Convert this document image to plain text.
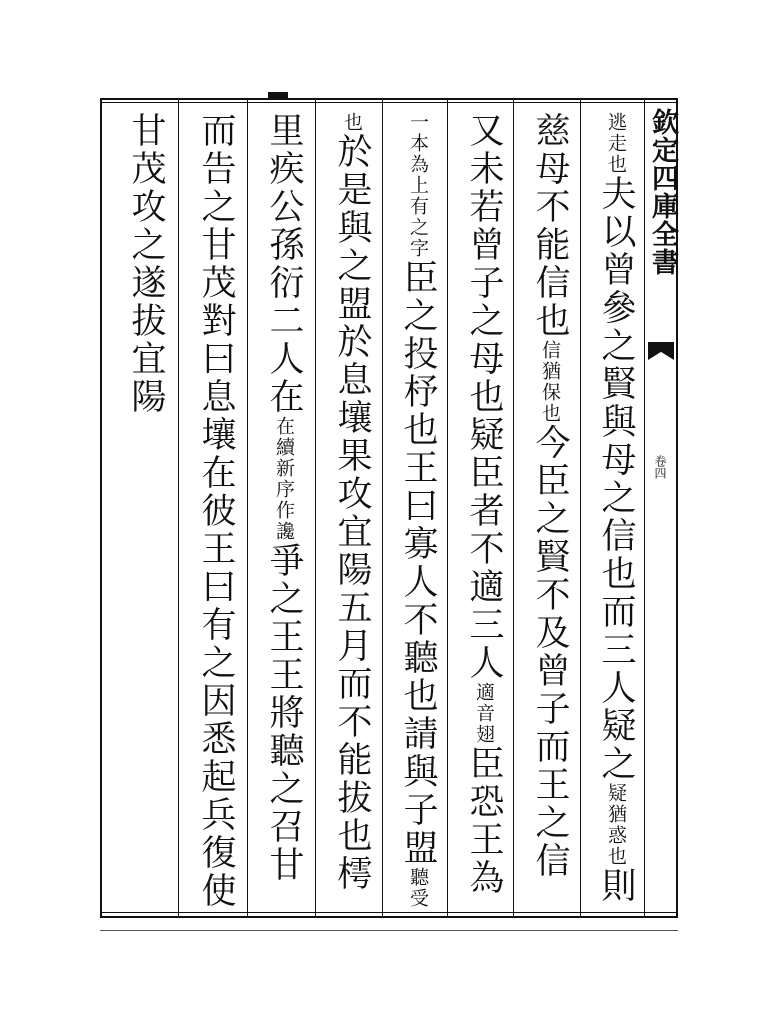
欽定四庫全書
卷四
逃走也夫以曾參之賢與母之信也而三人疑之疑猶惑也則
慈母不能信也信猶保也今臣之賢不及曾子而王之信
又未若曾子之母也疑臣者不適三人適音翅臣恐王為
一本為上有之字臣之投杼也王曰寡人不聽也請與子盟聽受
也於是與之盟於息壤果攻宜陽五月而不能拔也樗
里疾公孫衍二人在在續新序作讒爭之王王將聽之召甘
而告之甘茂對曰息壤在彼王曰有之因悉起兵復使
甘茂攻之遂拔宜陽
